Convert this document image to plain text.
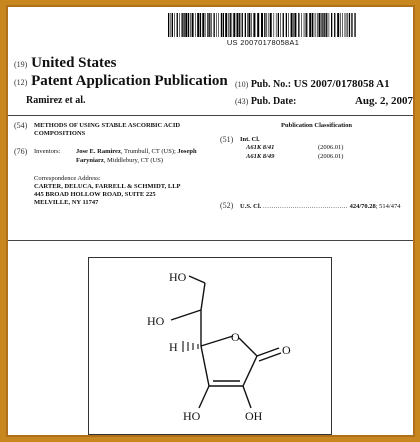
US 20070178058A1
(19) United States
(12) Patent Application Publication
Ramirez et al.
(10) Pub. No.: US 2007/0178058 A1
(43) Pub. Date:	Aug. 2, 2007
(54) METHODS OF USING STABLE ASCORBIC ACID COMPOSITIONS
(76) Inventors: Jose E. Ramirez, Trumbull, CT (US); Joseph Faryniarz, Middlebury, CT (US)
Correspondence Address:
CARTER, DELUCA, FARRELL & SCHMIDT, LLP
445 BROAD HOLLOW ROAD, SUITE 225
MELVILLE, NY 11747
Publication Classification
(51) Int. Cl.
A61K 8/41	(2006.01)
A61K 8/49	(2006.01)
(52) U.S. Cl. ........................................ 424/70.28; 514/474
HO
HO
H
O
O
HO	OH
